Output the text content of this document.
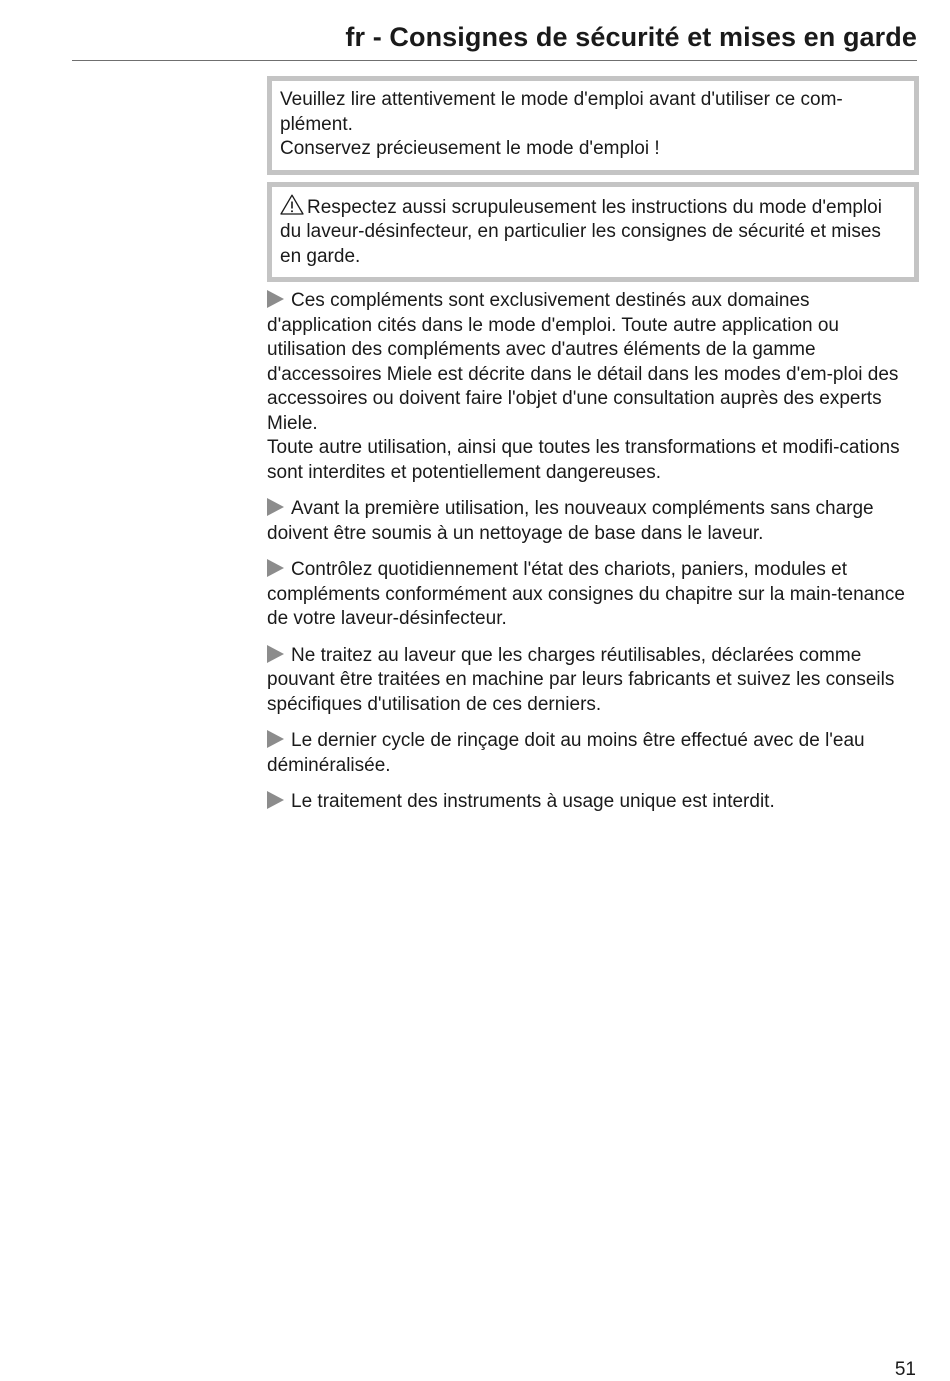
fr - Consignes de sécurité et mises en garde

Veuillez lire attentivement le mode d'emploi avant d'utiliser ce com-plément.

Conservez précieusement le mode d'emploi !

Respectez aussi scrupuleusement les instructions du mode d'emploi du laveur-désinfecteur, en particulier les consignes de sécurité et mises en garde.

Ces compléments sont exclusivement destinés aux domaines d'application cités dans le mode d'emploi. Toute autre application ou utilisation des compléments avec d'autres éléments de la gamme d'accessoires Miele est décrite dans le détail dans les modes d'em-ploi des accessoires ou doivent faire l'objet d'une consultation auprès des experts Miele.

Toute autre utilisation, ainsi que toutes les transformations et modifi-cations sont interdites et potentiellement dangereuses.

Avant la première utilisation, les nouveaux compléments sans charge doivent être soumis à un nettoyage de base dans le laveur.

Contrôlez quotidiennement l'état des chariots, paniers, modules et compléments conformément aux consignes du chapitre sur la main-tenance de votre laveur-désinfecteur.

Ne traitez au laveur que les charges réutilisables, déclarées comme pouvant être traitées en machine par leurs fabricants et suivez les conseils spécifiques d'utilisation de ces derniers.

Le dernier cycle de rinçage doit au moins être effectué avec de l'eau déminéralisée.

Le traitement des instruments à usage unique est interdit.

51
